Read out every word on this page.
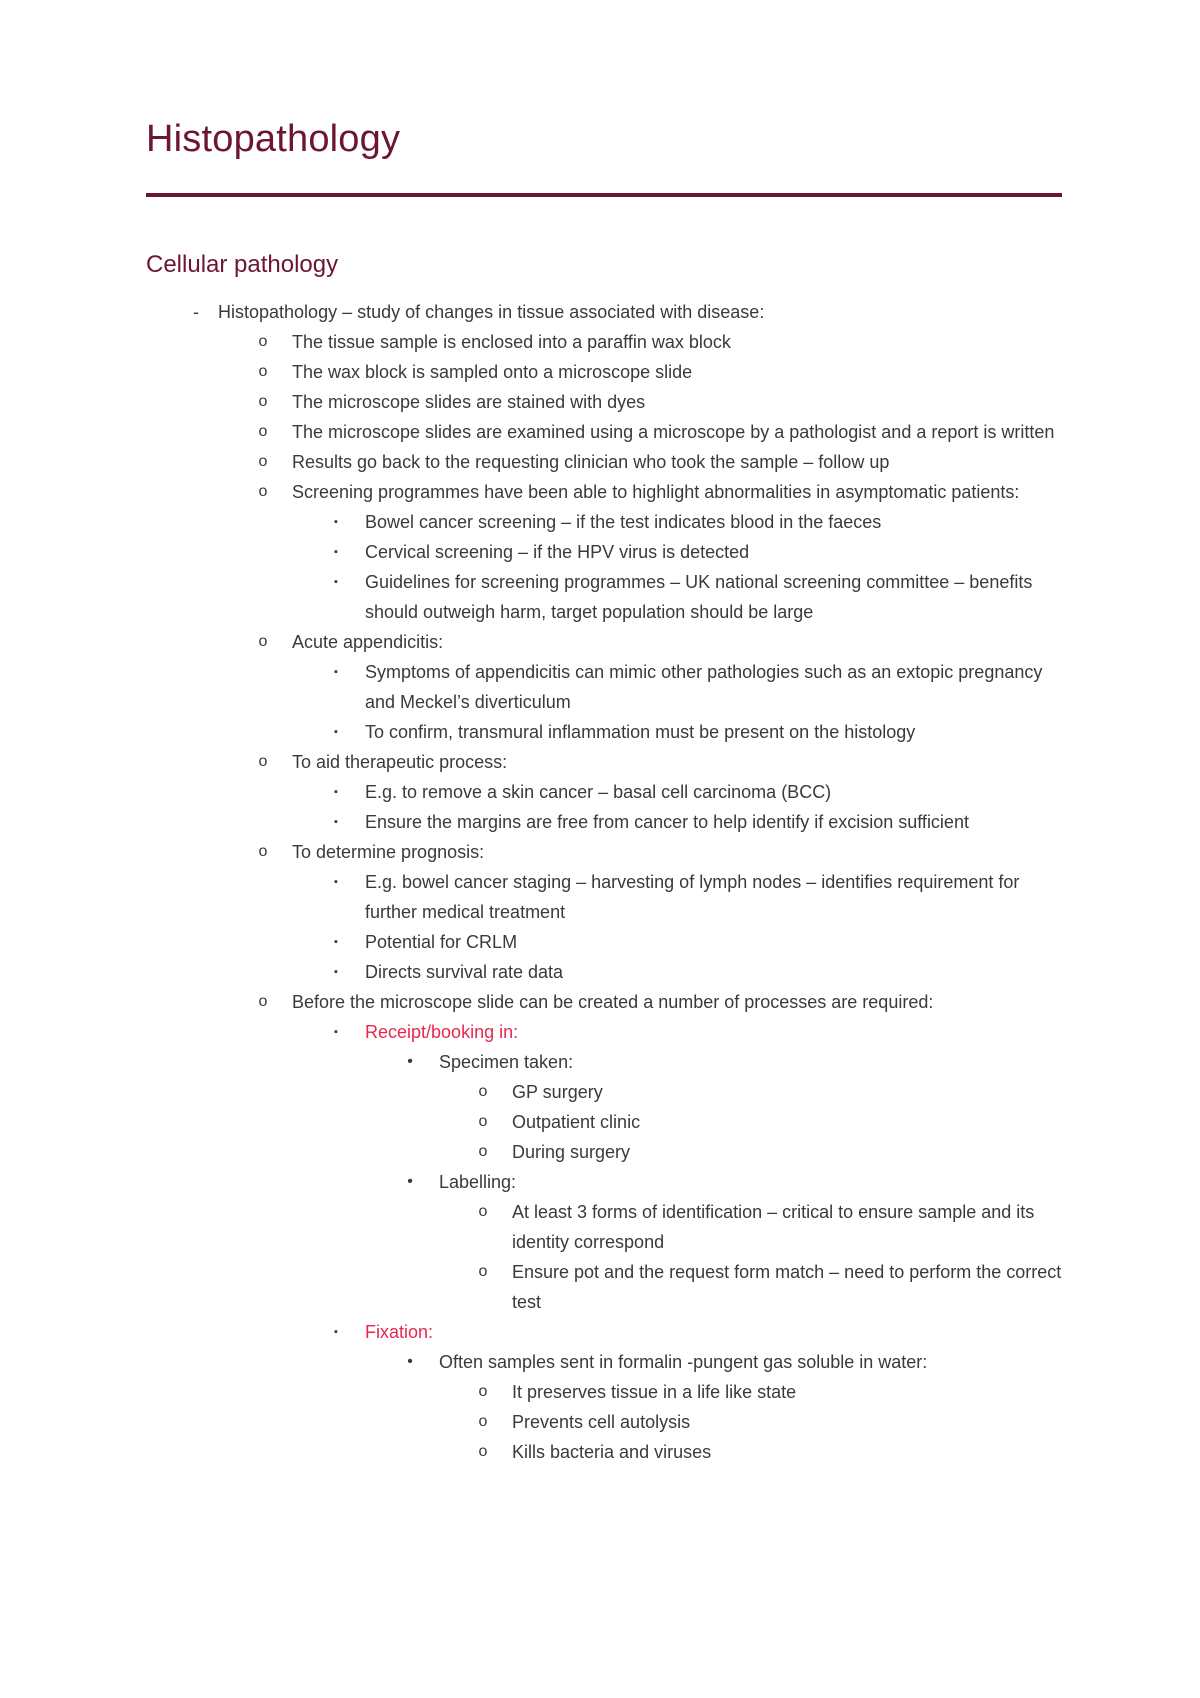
Histopathology
Cellular pathology
-	Histopathology – study of changes in tissue associated with disease:
o	The tissue sample is enclosed into a paraffin wax block
o	The wax block is sampled onto a microscope slide
o	The microscope slides are stained with dyes
o	The microscope slides are examined using a microscope by a pathologist and a report is written
o	Results go back to the requesting clinician who took the sample – follow up
o	Screening programmes have been able to highlight abnormalities in asymptomatic patients:
▪	Bowel cancer screening – if the test indicates blood in the faeces
▪	Cervical screening – if the HPV virus is detected
▪	Guidelines for screening programmes – UK national screening committee – benefits should outweigh harm, target population should be large
o	Acute appendicitis:
▪	Symptoms of appendicitis can mimic other pathologies such as an extopic pregnancy and Meckel’s diverticulum
▪	To confirm, transmural inflammation must be present on the histology
o	To aid therapeutic process:
▪	E.g. to remove a skin cancer – basal cell carcinoma (BCC)
▪	Ensure the margins are free from cancer to help identify if excision sufficient
o	To determine prognosis:
▪	E.g. bowel cancer staging – harvesting of lymph nodes – identifies requirement for further medical treatment
▪	Potential for CRLM
▪	Directs survival rate data
o	Before the microscope slide can be created a number of processes are required:
▪	Receipt/booking in:
•	Specimen taken:
o	GP surgery
o	Outpatient clinic
o	During surgery
•	Labelling:
o	At least 3 forms of identification – critical to ensure sample and its identity correspond
o	Ensure pot and the request form match – need to perform the correct test
▪	Fixation:
•	Often samples sent in formalin -pungent gas soluble in water:
o	It preserves tissue in a life like state
o	Prevents cell autolysis
o	Kills bacteria and viruses
